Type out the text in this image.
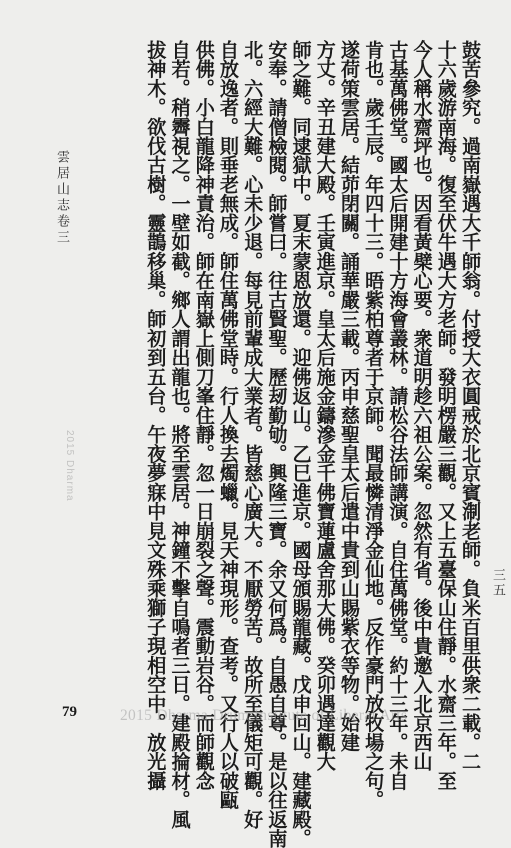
雲居山志卷三
2015 Dharma	鼓苦參究。過南嶽遇大千師翁。付授大衣圓戒於北京賓淛老師。負米百里供衆二載。二
十六歲游南海。復至伏牛遇大方老師。發明楞嚴三觀。又上五臺保山住靜。水齋三年。至
今人稱水齋坪也。因看黃檗心要。衆道明趁六祖公案。忽然有省。後中貴邀入北京西山
古基萬佛堂。國太后開建十方海會叢林。請松谷法師講演。自住萬佛堂。約十三年。未自
肯也。歲壬辰。年四十三。晤紫柏尊者于京師。聞最憐清淨金仙地。反作豪門放牧場之句。
遂荷策雲居。結茆閉關。誦華嚴三載。丙申慈聖皇太后遣中貴到山賜紫衣等物。始建
方丈。辛丑建大殿。壬寅進京。皇太后施金鑄滲金千佛寶蓮盧舍那大佛。癸卯遇達觀大
師之難。同逮獄中。夏末蒙恩放還。迎佛返山。乙巳進京。國母頒賜龍藏。戊申回山。建藏殿。
安奉。請僧檢閱。師嘗曰。往古賢聖。歷刼勤劬。興隆三寶。余又何爲。自愚自尊。是以往返南
北。六經大難。心未少退。每見前輩成大業者。皆慈心廣大。不厭勞苦。故所至儀矩可觀。好
自放逸者。則垂老無成。師住萬佛堂時。行人換去燭蠟。見天神現形。查考。又行人以破甌
供佛。小白龍降神責治。師在南嶽上側刀峯住靜。忽一日崩裂之聲。震動岩谷。而師觀念
自若。稍霽視之。一壁如截。鄉人謂出龍也。將至雲居。神鐘不擊自鳴者三日。建殿掄材。風
拔神木。欲伐古樹。靈鵲移巢。師初到五台。午夜夢寐中見文殊乘獅子現相空中。放光攝	三五
79	2015 Dharma Drum Institute of Liberal Arts
